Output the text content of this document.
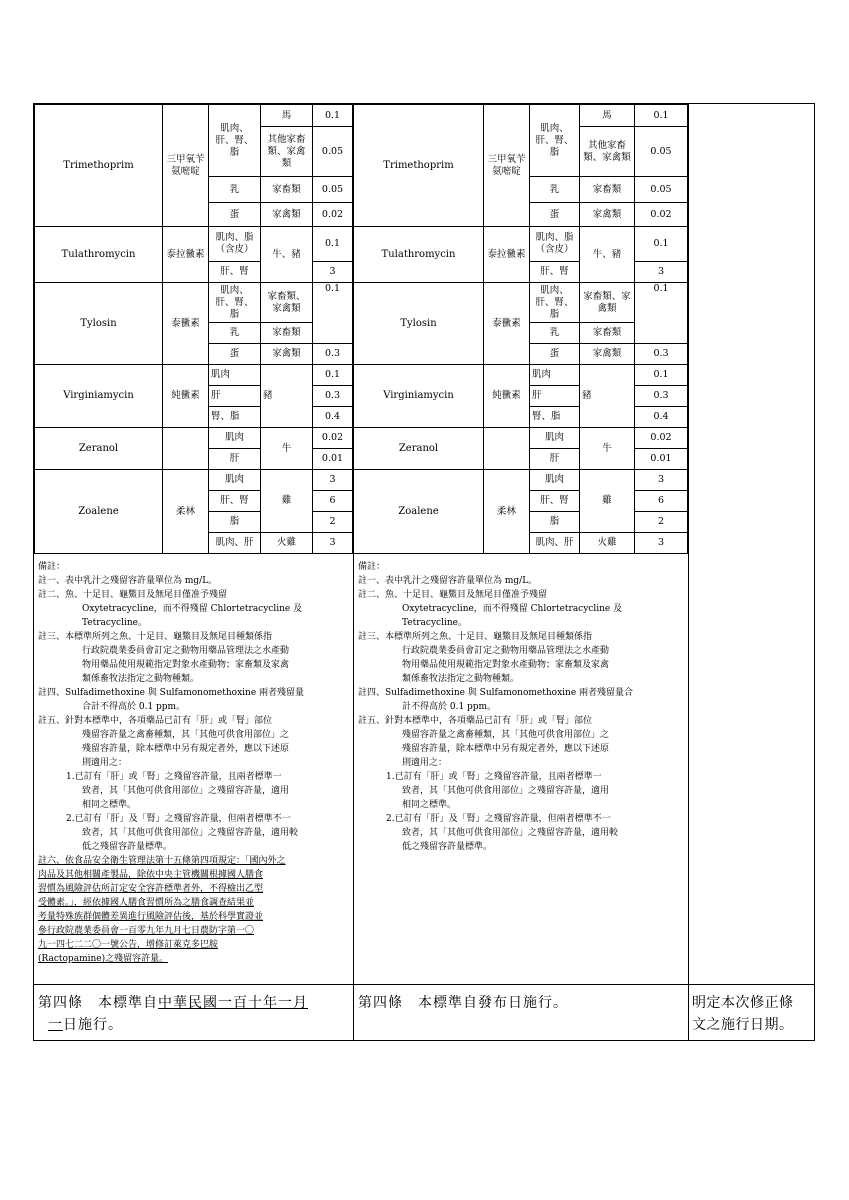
Trimethoprim	三甲氧苄氨嘧啶	肌肉、肝、腎、脂	馬	0.1
			其他家畜類、家禽類	0.05
		乳	家畜類	0.05
		蛋	家禽類	0.02
Tulathromycin	泰拉黴素	肌肉、脂（含皮）	牛、豬	0.1
		肝、腎		3
Tylosin	泰黴素	肌肉、肝、腎、脂	家畜類、家禽類	0.1
		乳	家畜類	
		蛋	家禽類	0.3
Virginiamycin	純黴素	肌肉	豬	0.1
		肝		0.3
		腎、脂		0.4
Zeranol		肌肉	牛	0.02
		肝		0.01
Zoalene	柔林	肌肉	雞	3
		肝、腎		6
		脂		2
		肌肉、肝	火雞	3
Trimethoprim	三甲氧苄氨嘧啶	肌肉、肝、腎、脂	馬	0.1
			其他家畜類、家禽類	0.05
		乳	家畜類	0.05
		蛋	家禽類	0.02
Tulathromycin	泰拉黴素	肌肉、脂（含皮）	牛、豬	0.1
		肝、腎		3
Tylosin	泰黴素	肌肉、肝、腎、脂	家畜類、家禽類	0.1
		乳	家畜類	
		蛋	家禽類	0.3
Virginiamycin	純黴素	肌肉	豬	0.1
		肝		0.3
		腎、脂		0.4
Zeranol		肌肉	牛	0.02
		肝		0.01
Zoalene	柔林	肌肉	雞	3
		肝、腎		6
		脂		2
		肌肉、肝	火雞	3
備註：
註一、表中乳汁之殘留容許量單位為 mg/L。
註二、魚、十足目、龜鱉目及無尾目僅准予殘留
Oxytetracycline，而不得殘留 Chlortetracycline 及
Tetracycline。
註三、本標準所列之魚、十足目、龜鱉目及無尾目種類係指
行政院農業委員會訂定之動物用藥品管理法之水產動
物用藥品使用規範指定對象水產動物；家畜類及家禽
類係畜牧法指定之動物種類。
註四、Sulfadimethoxine 與 Sulfamonomethoxine 兩者殘留量
合計不得高於 0.1 ppm。
註五、針對本標準中，各項藥品已訂有「肝」或「腎」部位
殘留容許量之禽畜種類，其「其他可供食用部位」之
殘留容許量，除本標準中另有規定者外，應以下述原
則適用之：
1.已訂有「肝」或「腎」之殘留容許量，且兩者標準一
致者，其「其他可供食用部位」之殘留容許量，適用
相同之標準。
2.已訂有「肝」及「腎」之殘留容許量，但兩者標準不一
致者，其「其他可供食用部位」之殘留容許量，適用較
低之殘留容許量標準。
註六、依食品安全衛生管理法第十五條第四項規定：「國內外之
肉品及其他相關產製品，除依中央主管機關根據國人膳食
習慣為風險評估所訂定安全容許標準者外，不得檢出乙型
受體素。」，經依據國人膳食習慣所為之膳食調查結果並
考量特殊族群個體差異進行風險評估後，基於科學實證並
參行政院農業委員會一百零九年九月七日農防字第一〇
九一四七二二〇一號公告，增修訂萊克多巴胺
(Ractopamine)之殘留容許量。
備註：
註一、表中乳汁之殘留容許量單位為 mg/L。
註二、魚、十足目、龜鱉目及無尾目僅准予殘留
Oxytetracycline，而不得殘留 Chlortetracycline 及
Tetracycline。
註三、本標準所列之魚、十足目、龜鱉目及無尾目種類係指
行政院農業委員會訂定之動物用藥品管理法之水產動
物用藥品使用規範指定對象水產動物；家畜類及家禽
類係畜牧法指定之動物種類。
註四、Sulfadimethoxine 與 Sulfamonomethoxine 兩者殘留量合
計不得高於 0.1 ppm。
註五、針對本標準中，各項藥品已訂有「肝」或「腎」部位
殘留容許量之禽畜種類，其「其他可供食用部位」之
殘留容許量，除本標準中另有規定者外，應以下述原
則適用之：
1.已訂有「肝」或「腎」之殘留容許量，且兩者標準一
致者，其「其他可供食用部位」之殘留容許量，適用
相同之標準。
2.已訂有「肝」及「腎」之殘留容許量，但兩者標準不一
致者，其「其他可供食用部位」之殘留容許量，適用較
低之殘留容許量標準。
第四條　本標準自中華民國一百十年一月
一日施行。
第四條　本標準自發布日施行。	明定本次修正條
文之施行日期。
